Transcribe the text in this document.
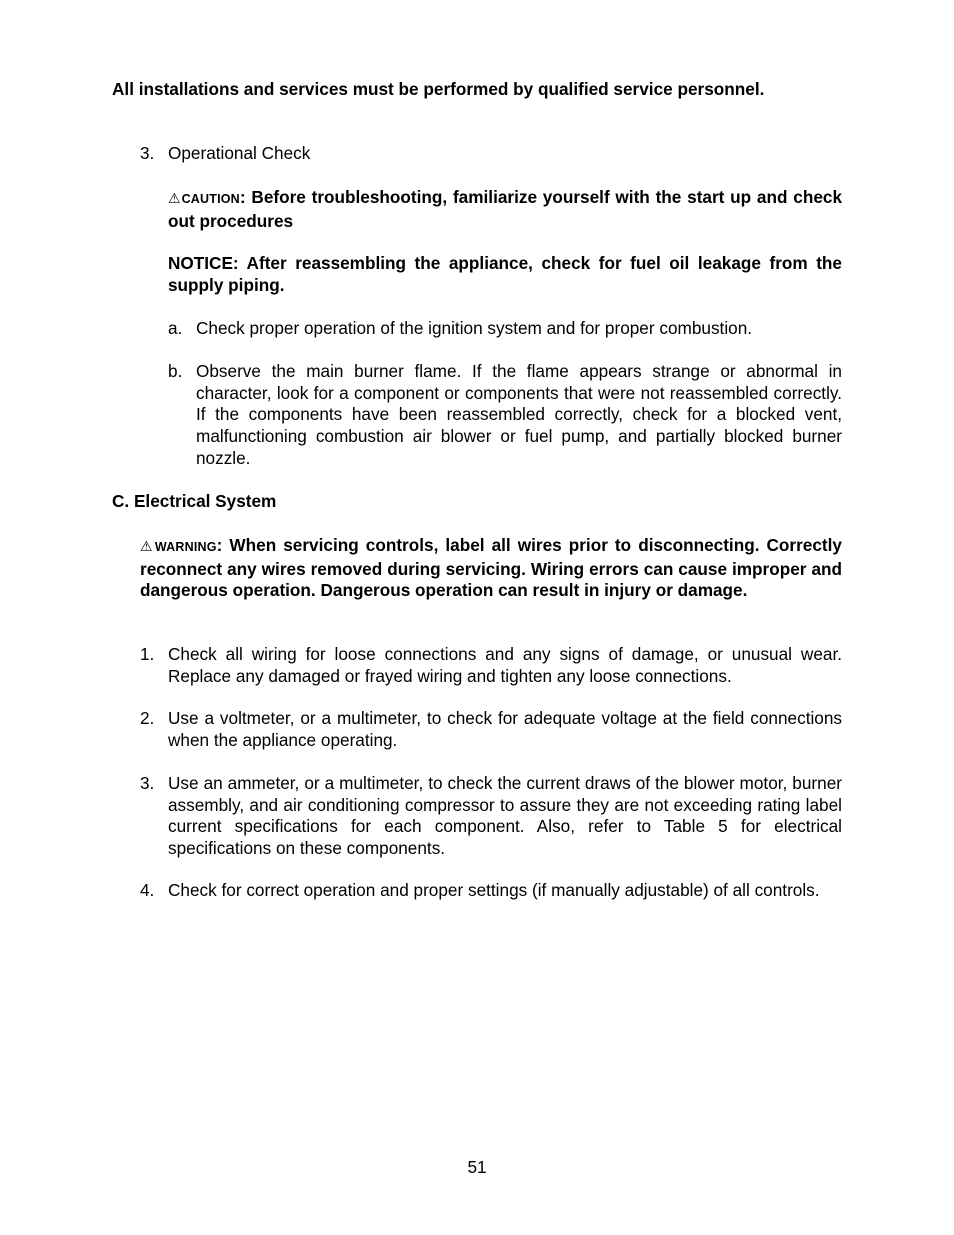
All installations and services must be performed by qualified service personnel.

3. Operational Check

⚠CAUTION: Before troubleshooting, familiarize yourself with the start up and check out procedures

NOTICE: After reassembling the appliance, check for fuel oil leakage from the supply piping.

a. Check proper operation of the ignition system and for proper combustion.

b. Observe the main burner flame. If the flame appears strange or abnormal in character, look for a component or components that were not reassembled correctly. If the components have been reassembled correctly, check for a blocked vent, malfunctioning combustion air blower or fuel pump, and partially blocked burner nozzle.

C. Electrical System

⚠WARNING: When servicing controls, label all wires prior to disconnecting. Correctly reconnect any wires removed during servicing. Wiring errors can cause improper and dangerous operation. Dangerous operation can result in injury or damage.

1. Check all wiring for loose connections and any signs of damage, or unusual wear. Replace any damaged or frayed wiring and tighten any loose connections.

2. Use a voltmeter, or a multimeter, to check for adequate voltage at the field connections when the appliance operating.

3. Use an ammeter, or a multimeter, to check the current draws of the blower motor, burner assembly, and air conditioning compressor to assure they are not exceeding rating label current specifications for each component. Also, refer to Table 5 for electrical specifications on these components.

4. Check for correct operation and proper settings (if manually adjustable) of all controls.

51
